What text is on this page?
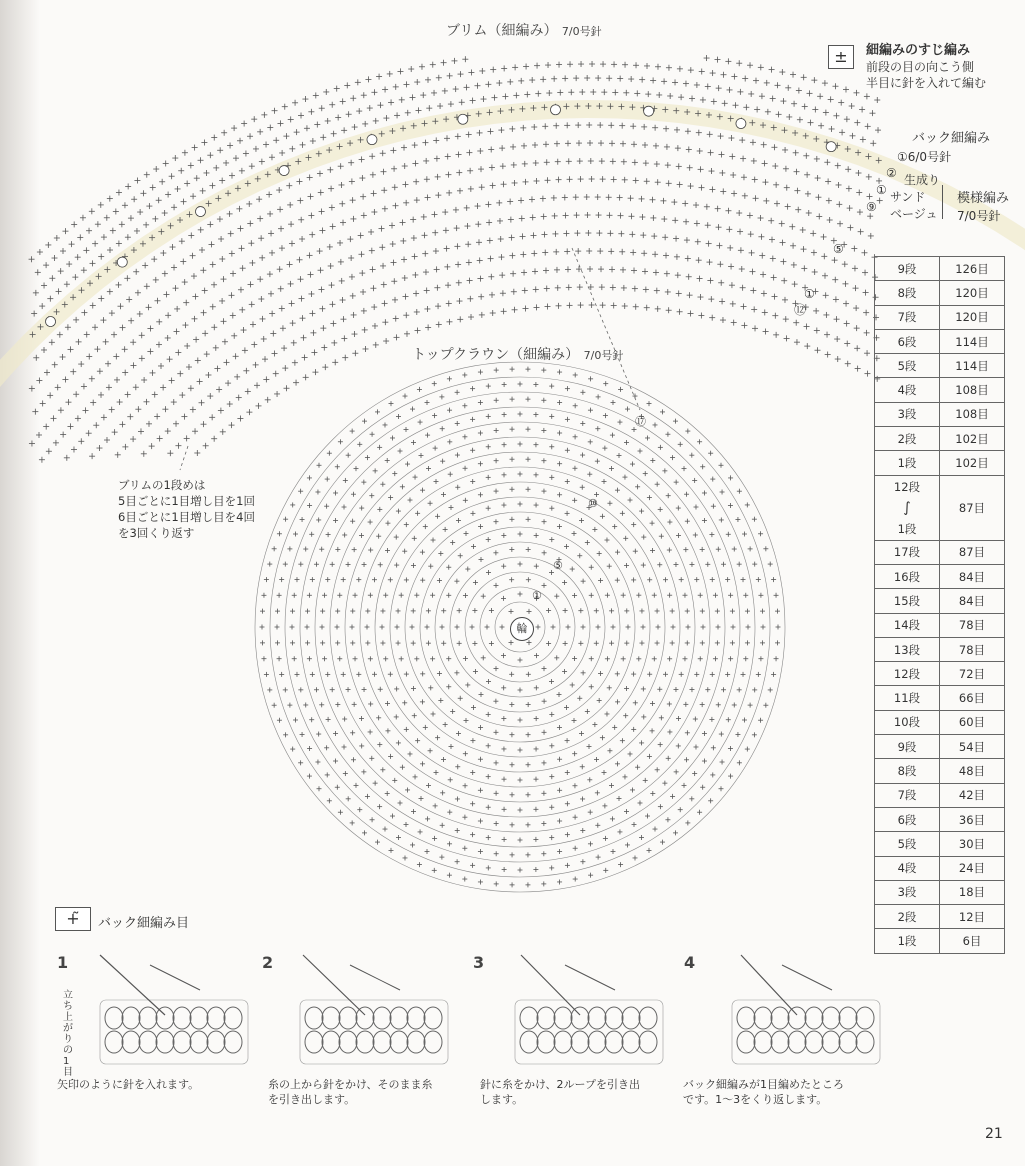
ブリム（細編み） 7/0号針
±	細編みのすじ編み
前段の目の向こう側
半目に針を入れて編む
バック細編み
①6/0号針
② 生成り
① サンド
⑨ ベージュ
模様編み
7/0号針
⑤
①
⑫
トップクラウン（細編み） 7/0号針
輪
①
⑤
⑩
⑰
ブリムの1段めは
5目ごとに1目増し目を1回
6目ごとに1目増し目を4回
を3回くり返す
9段	126目
8段	120目
7段	120目
6段	114目
5段	114目
4段	108目
3段	108目
2段	102目
1段	102目

12段
∫
1段	87目
17段	87目
16段	84目
15段	84目
14段	78目
13段	78目
12段	72目
11段	66目
10段	60目
9段	54目
8段	48目
7段	42目
6段	36目
5段	30目
4段	24目
3段	18目
2段	12目
1段	6目
+̃	バック細編み目
1	2	3	4
立ち上がりの1目
矢印のように針を入れます。	糸の上から針をかけ、そのまま糸
を引き出します。
針に糸をかけ、2ループを引き出
します。
バック細編みが1目編めたところ
です。1～3をくり返します。
21
